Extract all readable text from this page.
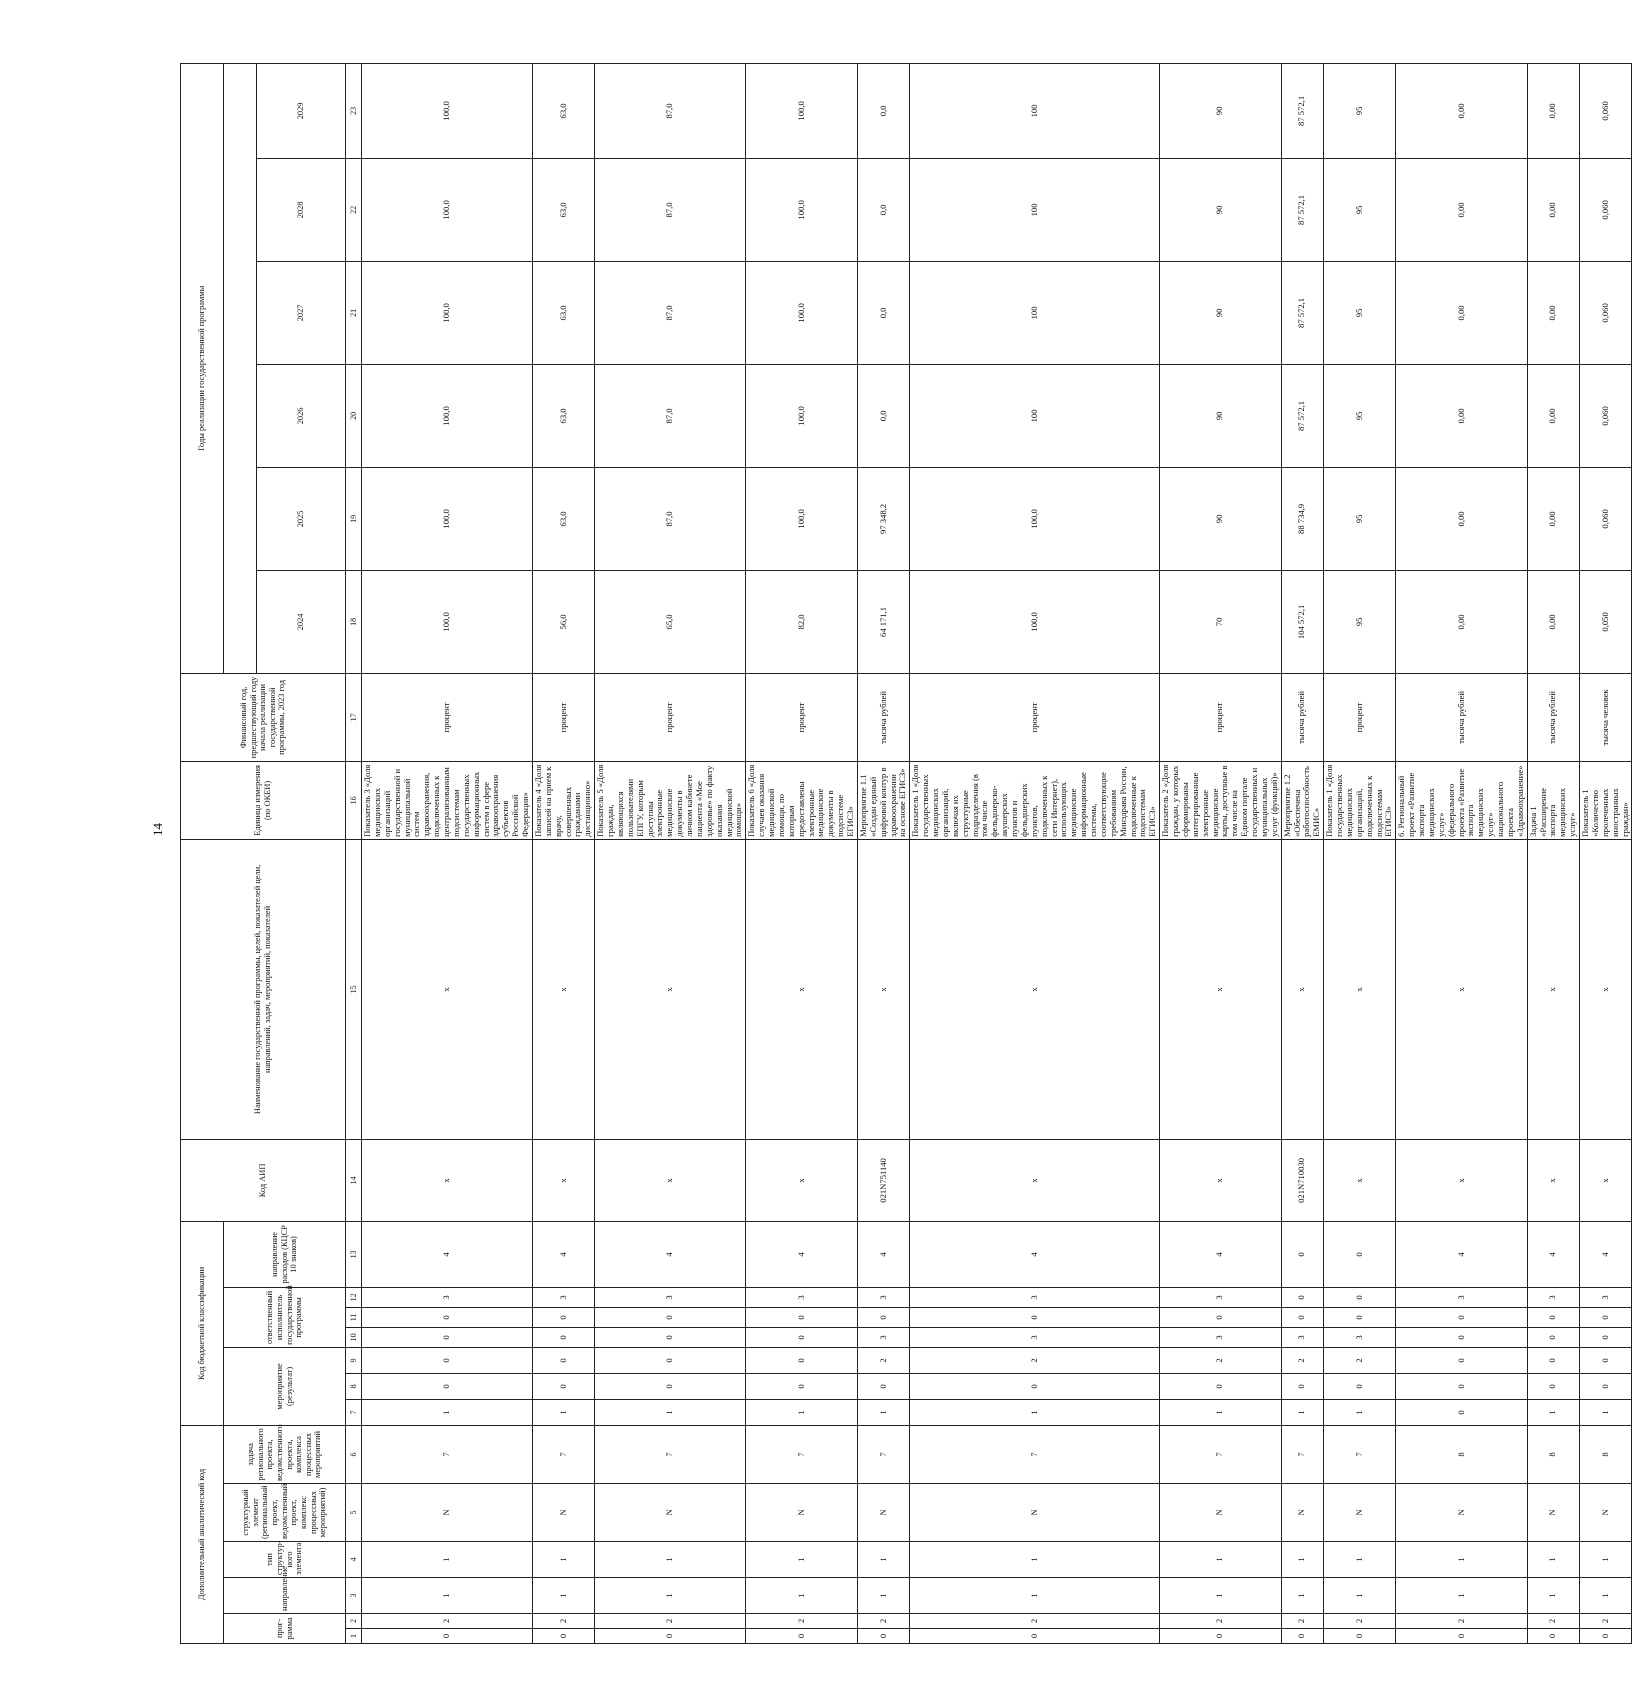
14
Дополнительный аналитический код						Код бюджетной классификации							Код АИП	Наименование государственной программы, целей, показателей цели, направлений, задач, мероприятий, показателей	Единица измерения (по ОКЕИ)	Финансовый год, предшествующий году начала реализации государственной программы, 2023 год	Годы реализации государственной программы						
прог-рамма		направление	тип структур-ного элемента	структурный элемент (региональный проект, ведомственный проект, комплекс процессных мероприятий)	задача регионального проекта, ведомственного проекта, комплекса процессных мероприятий	мероприятие (результат)			ответственный исполнитель государственной программы			направление расходов (КЦСР 10 знаков)											
																	2024	2025	2026	2027	2028	2029	
1	2	3	4	5	6	7	8	9	10	11	12	13	14	15	16	17	18	19	20	21	22	23	
0	2	1	1	N	7	1	0	0	0	0	3	4	х	х	Показатель 3 «Доля медицинских организаций государственной и муниципальной систем здравоохранения, подключенных к централизованным подсистемам государственных информационных систем в сфере здравоохранения субъектов Российской Федерации»	процент	100,0	100,0	100,0	100,0	100,0	100,0	
0	2	1	1	N	7	1	0	0	0	0	3	4	х	х	Показатель 4 «Доля записей на прием к врачу, совершенных гражданами дистанционно»	процент	56,0	63,0	63,0	63,0	63,0	63,0	
0	2	1	1	N	7	1	0	0	0	0	3	4	х	х	Показатель 5 «Доля граждан, являющихся пользователями ЕПГУ, которым доступны электронные медицинские документы в личном кабинете пациента «Мое здоровье» по факту оказания медицинской помощи»	процент	65,0	87,0	87,0	87,0	87,0	87,0	
0	2	1	1	N	7	1	0	0	0	0	3	4	х	х	Показатель 6 «Доля случаев оказания медицинской помощи, по которым предоставлены электронные медицинские документы в подсистеме ЕГИСЗ»	процент	82,0	100,0	100,0	100,0	100,0	100,0	
0	2	1	1	N	7	1	0	2	3	0	3	4	021N751140	х	Мероприятие 1.1 «Создан единый цифровой контур в здравоохранении на основе ЕГИСЗ»	тысяча рублей	64 171,1	97 348,2	0,0	0,0	0,0	0,0	
0	2	1	1	N	7	1	0	2	3	0	3	4	х	х	Показатель 1 «Доля государственных медицинских организаций, включая их структурные подразделения (в том числе фельдшерско-акушерских пунктов и фельдшерских пунктов, подключенных к сети Интернет), использующих медицинские информационные системы, соответствующие требованиям Минздрава России, подключенные к подсистемам ЕГИСЗ»	процент	100,0	100,0	100	100	100	100	
0	2	1	1	N	7	1	0	2	3	0	3	4	х	х	Показатель 2 «Доля граждан, у которых сформированы интегрированные электронные медицинские карты, доступные в том числе на Едином портале государственных и муниципальных услуг (функций)»	процент	70	90	90	90	90	90	
0	2	1	1	N	7	1	0	2	3	0	0	0	021N710030	х	Мероприятие 1.2 «Обеспечена работоспособность ЕМИС»	тысяча рублей	104 572,1	88 734,9	87 572,1	87 572,1	87 572,1	87 572,1	
0	2	1	1	N	7	1	0	2	3	0	0	0	х	х	Показатель 1 «Доля государственных медицинских организаций, подключенных к подсистемам ЕГИСЗ»	процент	95	95	95	95	95	95	
0	2	1	1	N	8	0	0	0	0	0	3	4	х	х	6. Региональный проект «Развитие экспорта медицинских услуг» (федерального проекта «Развитие экспорта медицинских услуг» национального проекта «Здравоохранение»	тысяча рублей	0,00	0,00	0,00	0,00	0,00	0,00	
0	2	1	1	N	8	1	0	0	0	0	3	4	х	х	Задача 1 «Расширение экспорта медицинских услуг»	тысяча рублей	0,00	0,00	0,00	0,00	0,00	0,00	
0	2	1	1	N	8	1	0	0	0	0	3	4	х	х	Показатель 1 «Количество пролеченных иностранных граждан»	тысяча человек	0,050	0,060	0,060	0,060	0,060	0,060	
